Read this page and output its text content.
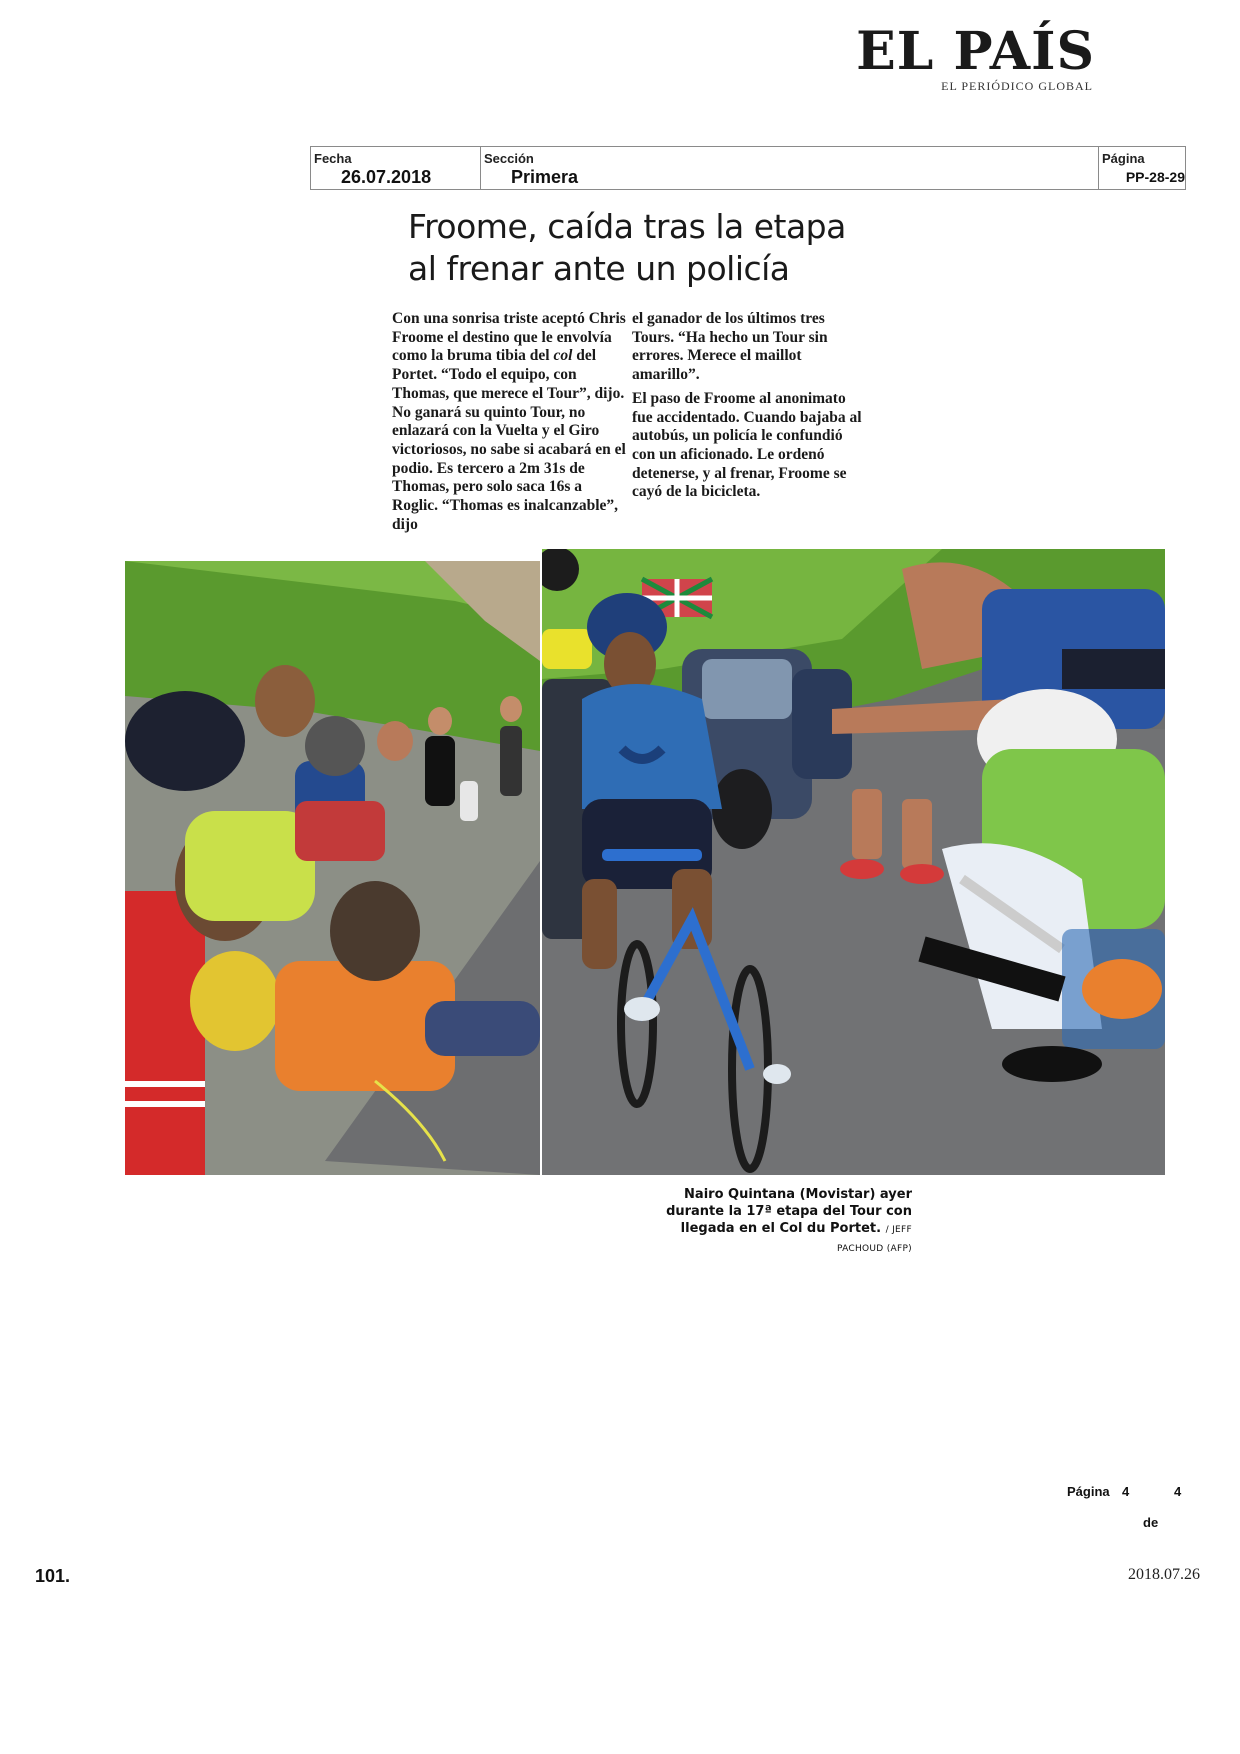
EL PAÍS
EL PERIÓDICO GLOBAL
Fecha
26.07.2018
Sección
Primera
Página
PP-28-29
Froome, caída tras la etapa
al frenar ante un policía

Con una sonrisa triste aceptó Chris Froome el destino que le envolvía como la bruma tibia del col del Portet. “Todo el equipo, con Thomas, que merece el Tour”, dijo. No ganará su quinto Tour, no enlazará con la Vuelta y el Giro victoriosos, no sabe si acabará en el podio. Es tercero a 2m 31s de Thomas, pero solo saca 16s a Roglic. “Thomas es inalcanzable”, dijo

el ganador de los últimos tres Tours. “Ha hecho un Tour sin errores. Merece el maillot amarillo”.

El paso de Froome al anonimato fue accidentado. Cuando bajaba al autobús, un policía le confundió con un aficionado. Le ordenó detenerse, y al frenar, Froome se cayó de la bicicleta.

Nairo Quintana (Movistar) ayer durante la 17ª etapa del Tour con llegada en el Col du Portet. / JEFF PACHOUD (AFP)
Página 4	4
de
101.	2018.07.26
